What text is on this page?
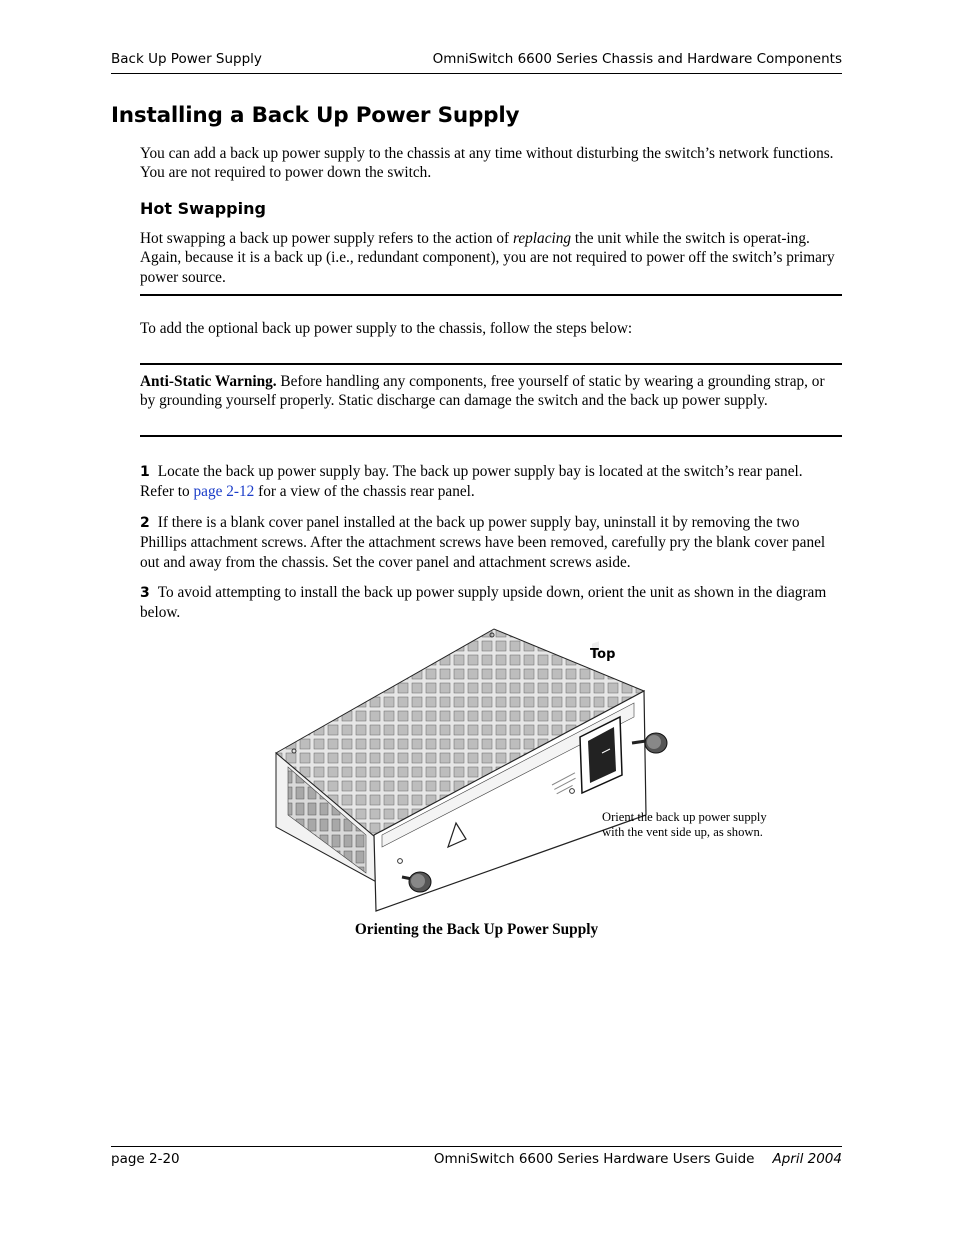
Back Up Power Supply	OmniSwitch 6600 Series Chassis and Hardware Components
Installing a Back Up Power Supply
You can add a back up power supply to the chassis at any time without disturbing the switch’s network functions. You are not required to power down the switch.
Hot Swapping
Hot swapping a back up power supply refers to the action of replacing the unit while the switch is operat-ing. Again, because it is a back up (i.e., redundant component), you are not required to power off the switch’s primary power source.
To add the optional back up power supply to the chassis, follow the steps below:
Anti-Static Warning. Before handling any components, free yourself of static by wearing a grounding strap, or by grounding yourself properly. Static discharge can damage the switch and the back up power supply.
1 Locate the back up power supply bay. The back up power supply bay is located at the switch’s rear panel. Refer to page 2-12 for a view of the chassis rear panel.
2 If there is a blank cover panel installed at the back up power supply bay, uninstall it by removing the two Phillips attachment screws. After the attachment screws have been removed, carefully pry the blank cover panel out and away from the chassis. Set the cover panel and attachment screws aside.
3 To avoid attempting to install the back up power supply upside down, orient the unit as shown in the diagram below.
Top
Orient the back up power supply with the vent side up, as shown.
Orienting the Back Up Power Supply
page 2-20	OmniSwitch 6600 Series Hardware Users Guide April 2004
